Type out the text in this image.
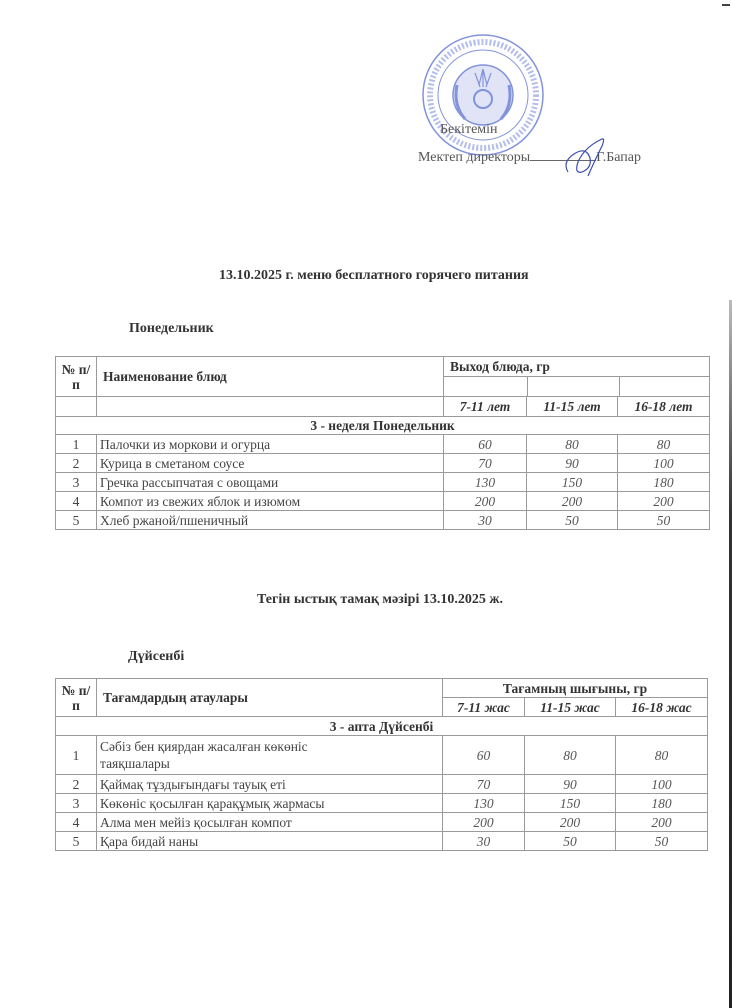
Бекітемін
Мектеп директоры	Г.Бапар
13.10.2025 г. меню бесплатного горячего питания
Понедельник
№ п/п	Наименование блюд	Выход блюда, гр		

		7-11 лет	11-15 лет	16-18 лет
3 - неделя Понедельник				
1	Палочки из моркови и огурца	60	80	80
2	Курица в сметаном соусе	70	90	100
3	Гречка рассыпчатая с овощами	130	150	180
4	Компот из свежих яблок и изюмом	200	200	200
5	Хлеб ржаной/пшеничный	30	50	50
Тегін ыстық тамақ мәзірі 13.10.2025 ж.
Дүйсенбі
№ п/п	Тағамдардың атаулары	Тағамның шығыны, гр		
		7-11 жас	11-15 жас	16-18 жас
3 - апта Дүйсенбі				
1	Сәбіз бен қиярдан жасалған көкөніс таяқшалары	60	80	80
2	Қаймақ тұздығындағы тауық еті	70	90	100
3	Көкөніс қосылған қарақұмық жармасы	130	150	180
4	Алма мен мейіз қосылған компот	200	200	200
5	Қара бидай наны	30	50	50
